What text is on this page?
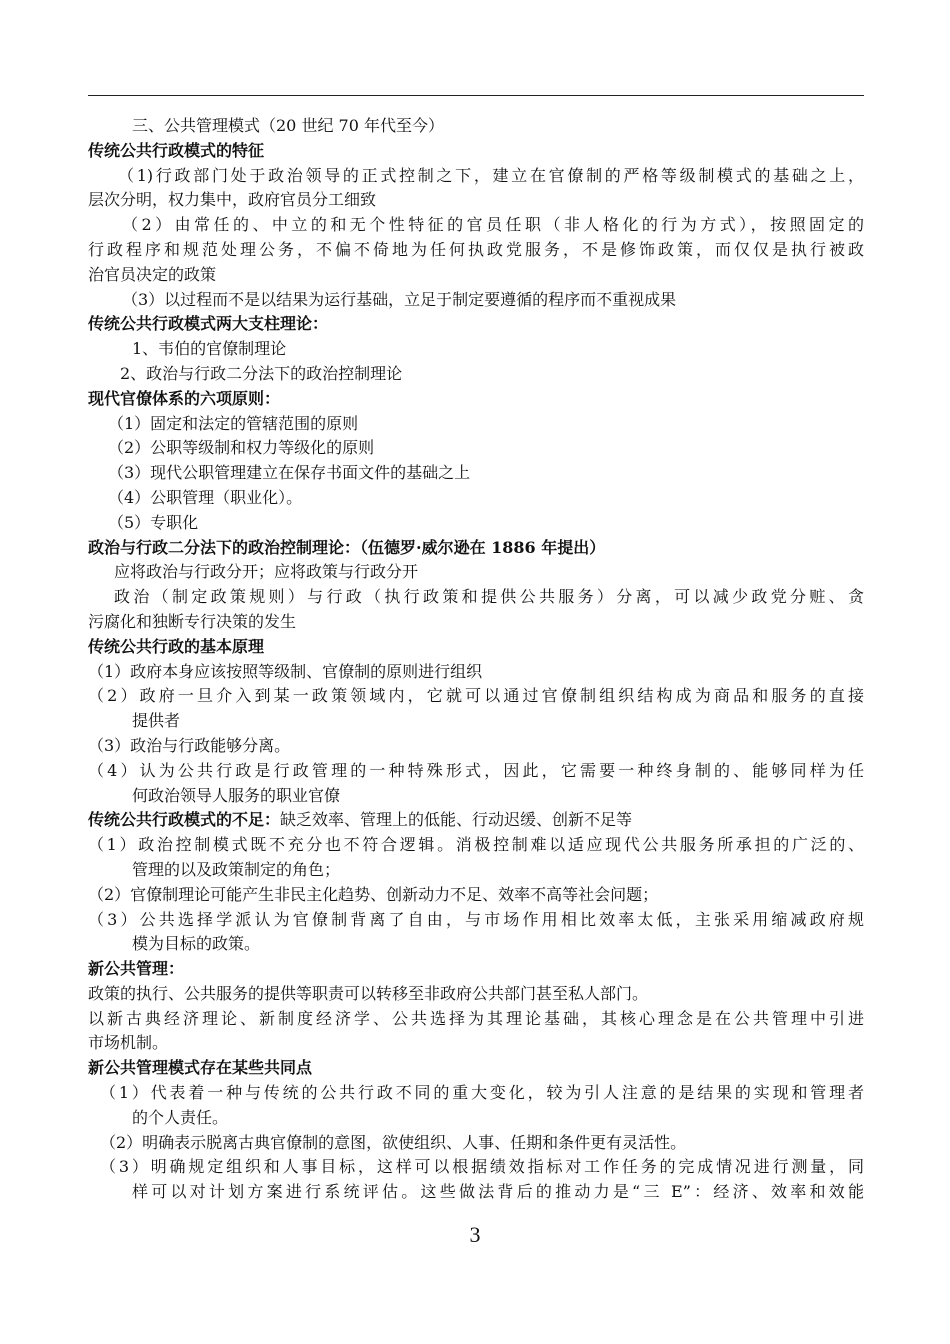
三、公共管理模式（20 世纪 70 年代至今）
传统公共行政模式的特征
（1)行政部门处于政治领导的正式控制之下，建立在官僚制的严格等级制模式的基础之上，
层次分明，权力集中，政府官员分工细致
（2）由常任的、中立的和无个性特征的官员任职（非人格化的行为方式），按照固定的
行政程序和规范处理公务，不偏不倚地为任何执政党服务，不是修饰政策，而仅仅是执行被政
治官员决定的政策
（3）以过程而不是以结果为运行基础，立足于制定要遵循的程序而不重视成果
传统公共行政模式两大支柱理论：
1、韦伯的官僚制理论
2、政治与行政二分法下的政治控制理论
现代官僚体系的六项原则：
（1）固定和法定的管辖范围的原则
（2）公职等级制和权力等级化的原则
（3）现代公职管理建立在保存书面文件的基础之上
（4）公职管理（职业化）。
（5）专职化
政治与行政二分法下的政治控制理论：（伍德罗·威尔逊在 1886 年提出）
应将政治与行政分开；应将政策与行政分开
政治（制定政策规则）与行政（执行政策和提供公共服务）分离，可以减少政党分赃、贪
污腐化和独断专行决策的发生
传统公共行政的基本原理
（1）政府本身应该按照等级制、官僚制的原则进行组织
（2）政府一旦介入到某一政策领域内，它就可以通过官僚制组织结构成为商品和服务的直接
提供者
（3）政治与行政能够分离。
（4）认为公共行政是行政管理的一种特殊形式，因此，它需要一种终身制的、能够同样为任
何政治领导人服务的职业官僚
传统公共行政模式的不足：缺乏效率、管理上的低能、行动迟缓、创新不足等
（1）政治控制模式既不充分也不符合逻辑。消极控制难以适应现代公共服务所承担的广泛的、
管理的以及政策制定的角色；
（2）官僚制理论可能产生非民主化趋势、创新动力不足、效率不高等社会问题；
（3）公共选择学派认为官僚制背离了自由，与市场作用相比效率太低，主张采用缩减政府规
模为目标的政策。
新公共管理：
政策的执行、公共服务的提供等职责可以转移至非政府公共部门甚至私人部门。
以新古典经济理论、新制度经济学、公共选择为其理论基础，其核心理念是在公共管理中引进
市场机制。
新公共管理模式存在某些共同点
（1）代表着一种与传统的公共行政不同的重大变化，较为引人注意的是结果的实现和管理者
的个人责任。
（2）明确表示脱离古典官僚制的意图，欲使组织、人事、任期和条件更有灵活性。
（3）明确规定组织和人事目标，这样可以根据绩效指标对工作任务的完成情况进行测量，同
样可以对计划方案进行系统评估。这些做法背后的推动力是“三 E”：经济、效率和效能
3
